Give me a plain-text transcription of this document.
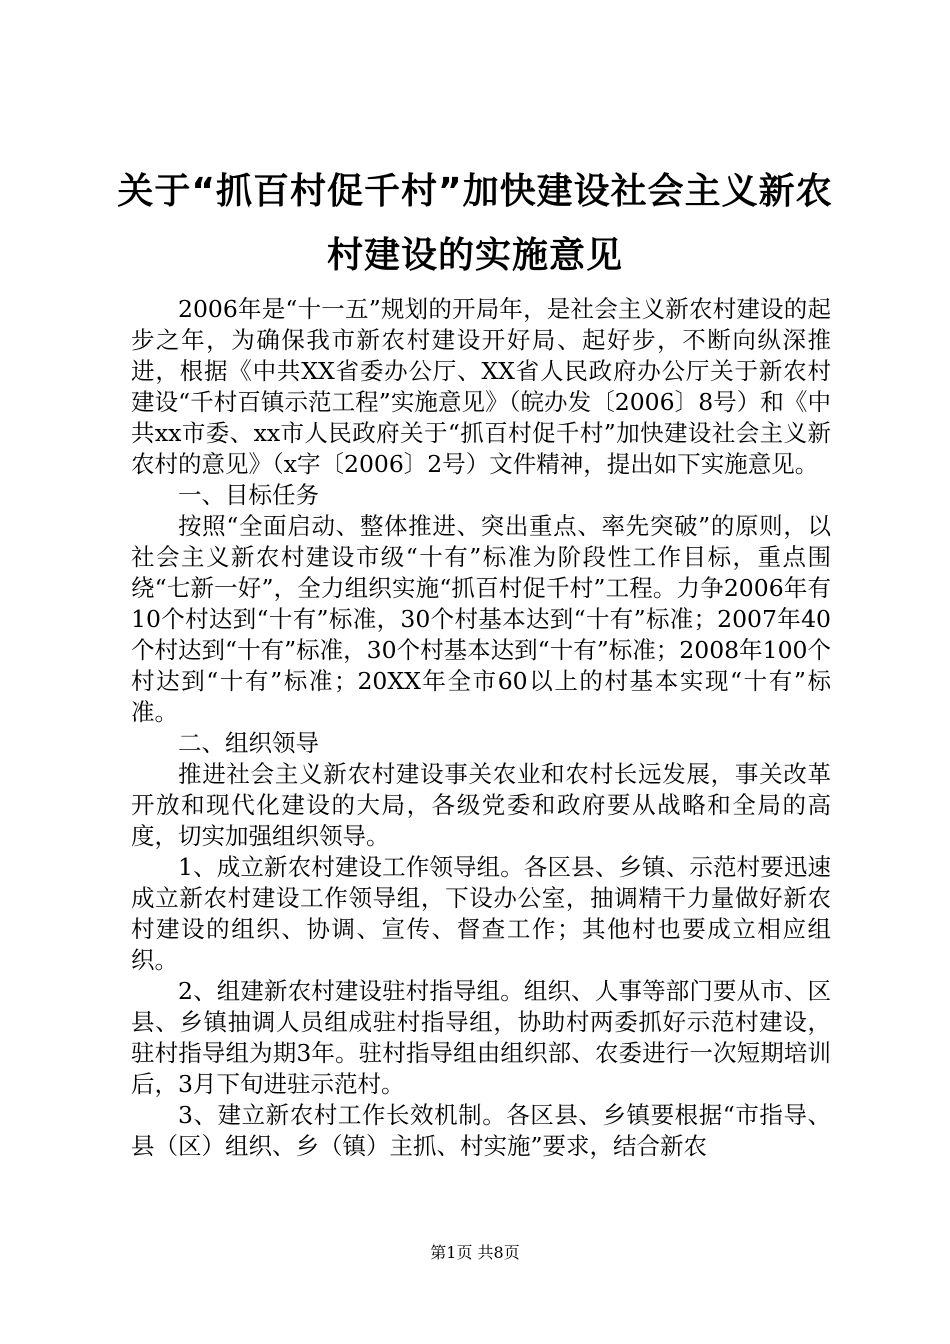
关于“抓百村促千村”加快建设社会主义新农
村建设的实施意见

2006年是“十一五”规划的开局年，是社会主义新农村建设的起步之年，为确保我市新农村建设开好局、起好步，不断向纵深推进，根据《中共XX省委办公厅、XX省人民政府办公厅关于新农村建设“千村百镇示范工程”实施意见》（皖办发〔2006〕8号）和《中共xx市委、xx市人民政府关于“抓百村促千村”加快建设社会主义新农村的意见》（x字〔2006〕2号）文件精神，提出如下实施意见。

一、目标任务

按照“全面启动、整体推进、突出重点、率先突破”的原则，以社会主义新农村建设市级“十有”标准为阶段性工作目标，重点围绕“七新一好”，全力组织实施“抓百村促千村”工程。力争2006年有10个村达到“十有”标准，30个村基本达到“十有”标准；2007年40个村达到“十有”标准，30个村基本达到“十有”标准；2008年100个村达到“十有”标准；20XX年全市60以上的村基本实现“十有”标准。

二、组织领导

推进社会主义新农村建设事关农业和农村长远发展，事关改革开放和现代化建设的大局，各级党委和政府要从战略和全局的高度，切实加强组织领导。

1、成立新农村建设工作领导组。各区县、乡镇、示范村要迅速成立新农村建设工作领导组，下设办公室，抽调精干力量做好新农村建设的组织、协调、宣传、督查工作；其他村也要成立相应组织。

2、组建新农村建设驻村指导组。组织、人事等部门要从市、区县、乡镇抽调人员组成驻村指导组，协助村两委抓好示范村建设，驻村指导组为期3年。驻村指导组由组织部、农委进行一次短期培训后，3月下旬进驻示范村。

3、建立新农村工作长效机制。各区县、乡镇要根据“市指导、县（区）组织、乡（镇）主抓、村实施”要求，结合新农

第1页 共8页
